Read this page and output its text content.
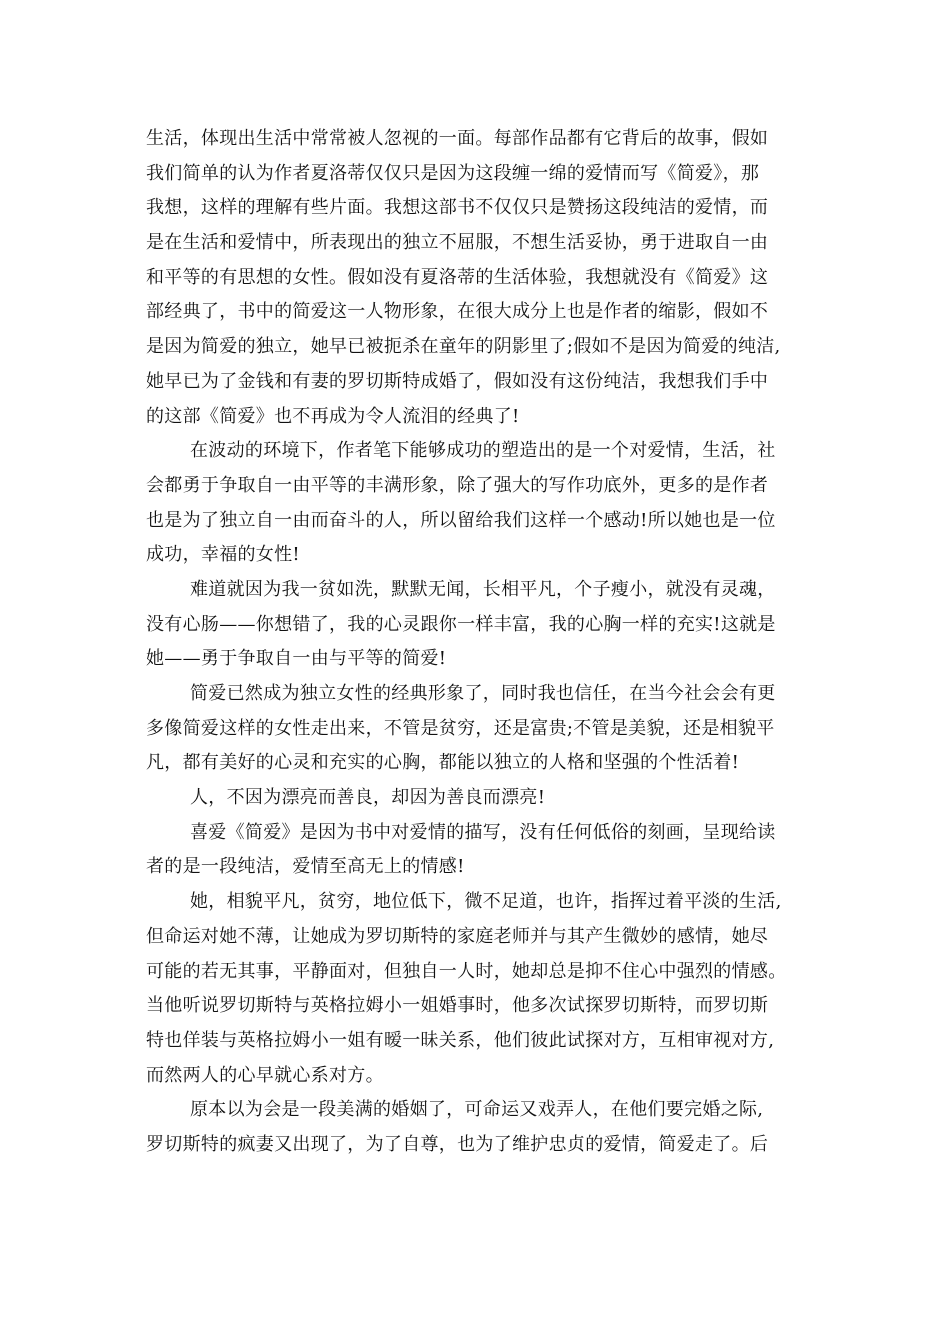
生活，体现出生活中常常被人忽视的一面。每部作品都有它背后的故事，假如
我们简单的认为作者夏洛蒂仅仅只是因为这段缠一绵的爱情而写《简爱》，那
我想，这样的理解有些片面。我想这部书不仅仅只是赞扬这段纯洁的爱情，而
是在生活和爱情中，所表现出的独立不屈服，不想生活妥协，勇于进取自一由
和平等的有思想的女性。假如没有夏洛蒂的生活体验，我想就没有《简爱》这
部经典了，书中的简爱这一人物形象，在很大成分上也是作者的缩影，假如不
是因为简爱的独立，她早已被扼杀在童年的阴影里了;假如不是因为简爱的纯洁,
她早已为了金钱和有妻的罗切斯特成婚了，假如没有这份纯洁，我想我们手中
的这部《简爱》也不再成为令人流泪的经典了!
在波动的环境下，作者笔下能够成功的塑造出的是一个对爱情，生活，社
会都勇于争取自一由平等的丰满形象，除了强大的写作功底外，更多的是作者
也是为了独立自一由而奋斗的人，所以留给我们这样一个感动!所以她也是一位
成功，幸福的女性!
难道就因为我一贫如洗，默默无闻，长相平凡，个子瘦小，就没有灵魂，
没有心肠——你想错了，我的心灵跟你一样丰富，我的心胸一样的充实!这就是
她——勇于争取自一由与平等的简爱!
简爱已然成为独立女性的经典形象了，同时我也信任，在当今社会会有更
多像简爱这样的女性走出来，不管是贫穷，还是富贵;不管是美貌，还是相貌平
凡，都有美好的心灵和充实的心胸，都能以独立的人格和坚强的个性活着!
人，不因为漂亮而善良，却因为善良而漂亮!
喜爱《简爱》是因为书中对爱情的描写，没有任何低俗的刻画，呈现给读
者的是一段纯洁，爱情至高无上的情感!
她，相貌平凡，贫穷，地位低下，微不足道，也许，指挥过着平淡的生活,
但命运对她不薄，让她成为罗切斯特的家庭老师并与其产生微妙的感情，她尽
可能的若无其事，平静面对，但独自一人时，她却总是抑不住心中强烈的情感。
当他听说罗切斯特与英格拉姆小一姐婚事时，他多次试探罗切斯特，而罗切斯
特也佯装与英格拉姆小一姐有暧一昧关系，他们彼此试探对方，互相审视对方,
而然两人的心早就心系对方。
原本以为会是一段美满的婚姻了，可命运又戏弄人，在他们要完婚之际,
罗切斯特的疯妻又出现了，为了自尊，也为了维护忠贞的爱情，简爱走了。后
